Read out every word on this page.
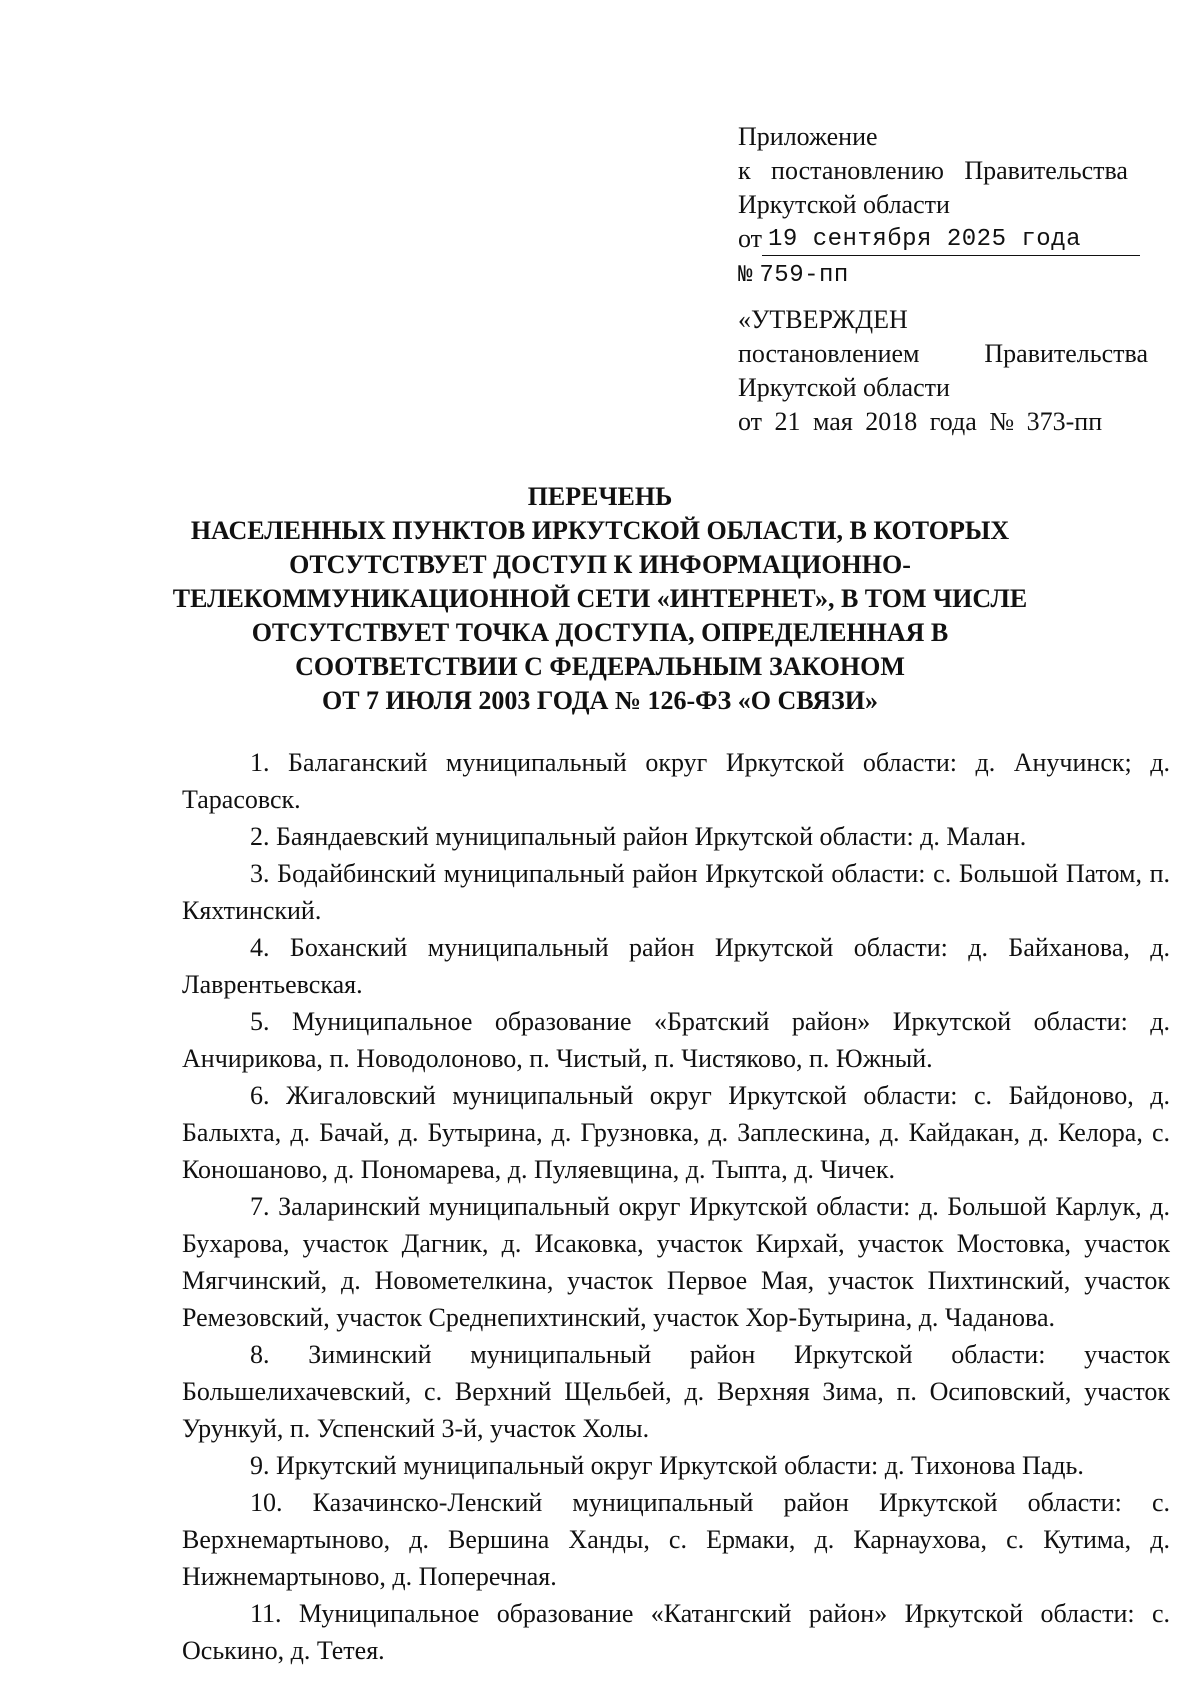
Приложение
к постановлению Правительства
Иркутской области
от 19 сентября 2025 года
№ 759-пп
«УТВЕРЖДЕН
постановлением Правительства
Иркутской области
от 21 мая 2018 года № 373-пп
ПЕРЕЧЕНЬ
НАСЕЛЕННЫХ ПУНКТОВ ИРКУТСКОЙ ОБЛАСТИ, В КОТОРЫХ
ОТСУТСТВУЕТ ДОСТУП К ИНФОРМАЦИОННО-
ТЕЛЕКОММУНИКАЦИОННОЙ СЕТИ «ИНТЕРНЕТ», В ТОМ ЧИСЛЕ
ОТСУТСТВУЕТ ТОЧКА ДОСТУПА, ОПРЕДЕЛЕННАЯ В
СООТВЕТСТВИИ С ФЕДЕРАЛЬНЫМ ЗАКОНОМ
ОТ 7 ИЮЛЯ 2003 ГОДА № 126-ФЗ «О СВЯЗИ»

1. Балаганский муниципальный округ Иркутской области: д. Анучинск; д. Тарасовск.

2. Баяндаевский муниципальный район Иркутской области: д. Малан.

3. Бодайбинский муниципальный район Иркутской области: с. Большой Патом, п. Кяхтинский.

4. Боханский муниципальный район Иркутской области: д. Байханова, д. Лаврентьевская.

5. Муниципальное образование «Братский район» Иркутской области: д. Анчирикова, п. Новодолоново, п. Чистый, п. Чистяково, п. Южный.

6. Жигаловский муниципальный округ Иркутской области: с. Байдоново, д. Балыхта, д. Бачай, д. Бутырина, д. Грузновка, д. Заплескина, д. Кайдакан, д. Келора, с. Коношаново, д. Пономарева, д. Пуляевщина, д. Тыпта, д. Чичек.

7. Заларинский муниципальный округ Иркутской области: д. Большой Карлук, д. Бухарова, участок Дагник, д. Исаковка, участок Кирхай, участок Мостовка, участок Мягчинский, д. Новометелкина, участок Первое Мая, участок Пихтинский, участок Ремезовский, участок Среднепихтинский, участок Хор-Бутырина, д. Чаданова.

8. Зиминский муниципальный район Иркутской области: участок Большелихачевский, с. Верхний Щельбей, д. Верхняя Зима, п. Осиповский, участок Урункуй, п. Успенский 3-й, участок Холы.

9. Иркутский муниципальный округ Иркутской области: д. Тихонова Падь.

10. Казачинско-Ленский муниципальный район Иркутской области: с. Верхнемартыново, д. Вершина Ханды, с. Ермаки, д. Карнаухова, с. Кутима, д. Нижнемартыново, д. Поперечная.

11. Муниципальное образование «Катангский район» Иркутской области: с. Оськино, д. Тетея.
